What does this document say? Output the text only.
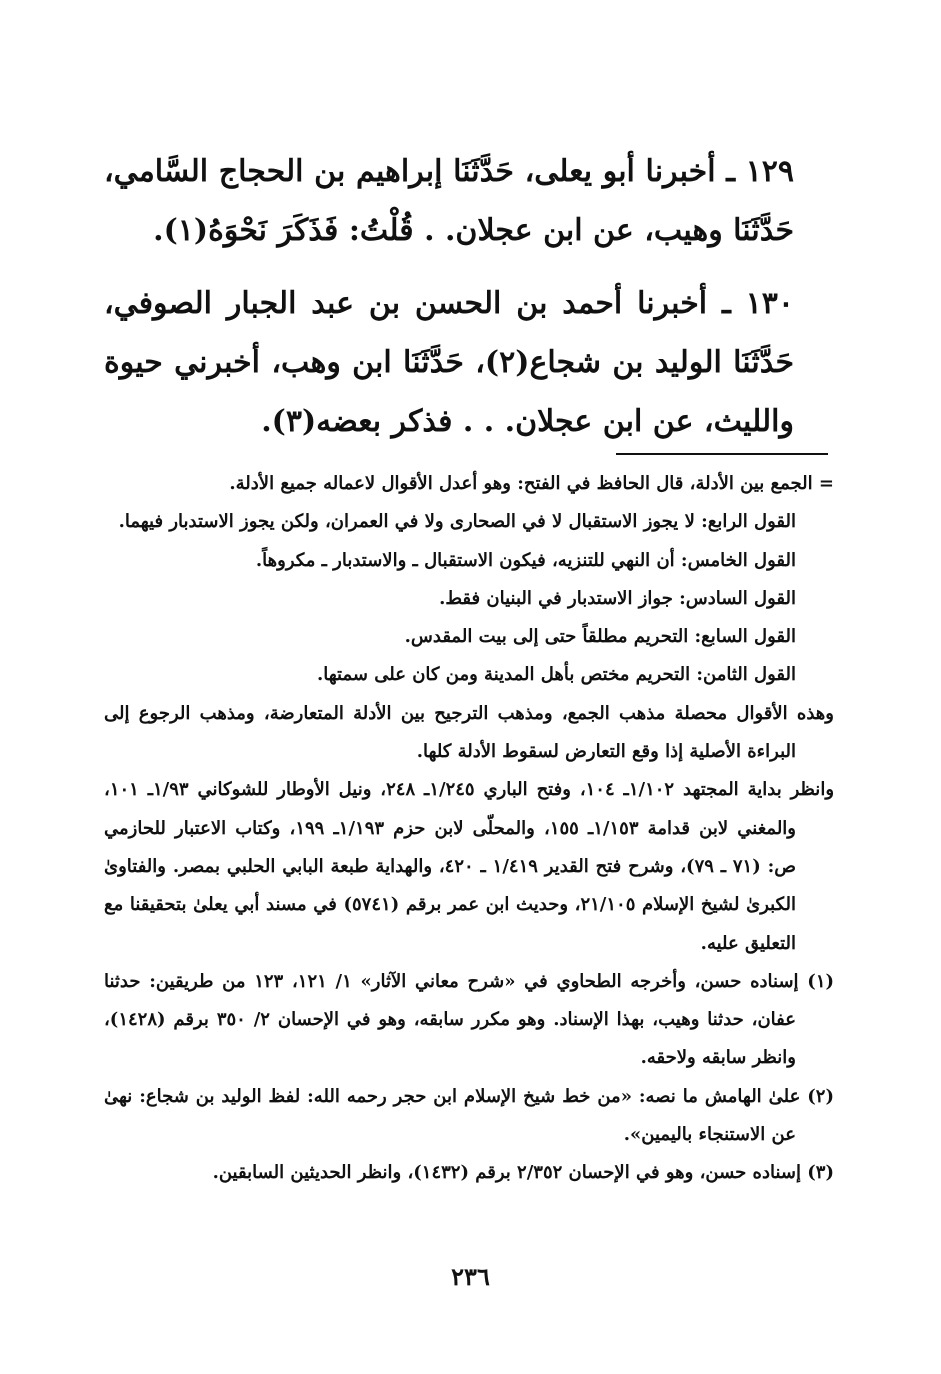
١٢٩ ـ أخبرنا أبو يعلى، حَدَّثَنَا إبراهيم بن الحجاج السَّامي، حَدَّثَنَا وهيب، عن ابن عجلان. . قُلْتُ: فَذَكَرَ نَحْوَهُ(١).

١٣٠ ـ أخبرنا أحمد بن الحسن بن عبد الجبار الصوفي، حَدَّثَنَا الوليد بن شجاع(٢)، حَدَّثَنَا ابن وهب، أخبرني حيوة والليث، عن ابن عجلان. . . فذكر بعضه(٣).

= الجمع بين الأدلة، قال الحافظ في الفتح: وهو أعدل الأقوال لاعماله جميع الأدلة.

القول الرابع: لا يجوز الاستقبال لا في الصحارى ولا في العمران، ولكن يجوز الاستدبار فيهما.

القول الخامس: أن النهي للتنزيه، فيكون الاستقبال ـ والاستدبار ـ مكروهاً.

القول السادس: جواز الاستدبار في البنيان فقط.

القول السابع: التحريم مطلقاً حتى إلى بيت المقدس.

القول الثامن: التحريم مختص بأهل المدينة ومن كان على سمتها.

وهذه الأقوال محصلة مذهب الجمع، ومذهب الترجيح بين الأدلة المتعارضة، ومذهب الرجوع إلى البراءة الأصلية إذا وقع التعارض لسقوط الأدلة كلها.

وانظر بداية المجتهد ١/١٠٢ـ ١٠٤، وفتح الباري ١/٢٤٥ـ ٢٤٨، ونيل الأوطار للشوكاني ١/٩٣ـ ١٠١، والمغني لابن قدامة ١/١٥٣ـ ١٥٥، والمحلّى لابن حزم ١/١٩٣ـ ١٩٩، وكتاب الاعتبار للحازمي ص: (٧١ ـ ٧٩)، وشرح فتح القدير ١/٤١٩ ـ ٤٢٠، والهداية طبعة البابي الحلبي بمصر. والفتاوىٰ الكبرىٰ لشيخ الإسلام ٢١/١٠٥، وحديث ابن عمر برقم (٥٧٤١) في مسند أبي يعلىٰ بتحقيقنا مع التعليق عليه.

(١) إسناده حسن، وأخرجه الطحاوي في «شرح معاني الآثار» ١/ ١٢١، ١٢٣ من طريقين: حدثنا عفان، حدثنا وهيب، بهذا الإسناد. وهو مكرر سابقه، وهو في الإحسان ٢/ ٣٥٠ برقم (١٤٢٨)، وانظر سابقه ولاحقه.

(٢) علىٰ الهامش ما نصه: «من خط شيخ الإسلام ابن حجر رحمه الله: لفظ الوليد بن شجاع: نهىٰ عن الاستنجاء باليمين».

(٣) إسناده حسن، وهو في الإحسان ٢/٣٥٢ برقم (١٤٣٢)، وانظر الحديثين السابقين.

٢٣٦
